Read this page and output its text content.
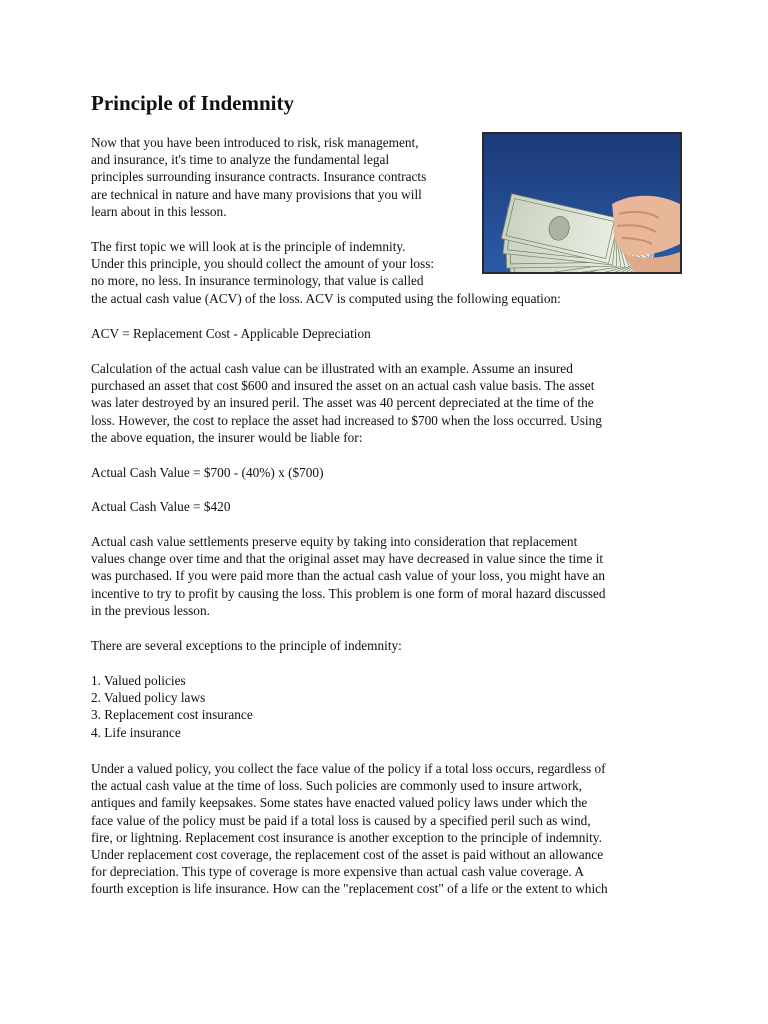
Principle of Indemnity
Now that you have been introduced to risk, risk management,
and insurance, it's time to analyze the fundamental legal
principles surrounding insurance contracts. Insurance contracts
are technical in nature and have many provisions that you will
learn about in this lesson.
The first topic we will look at is the principle of indemnity.
Under this principle, you should collect the amount of your loss:
no more, no less. In insurance terminology, that value is called
the actual cash value (ACV) of the loss. ACV is computed using the following equation:
ACV = Replacement Cost - Applicable Depreciation
Calculation of the actual cash value can be illustrated with an example. Assume an insured
purchased an asset that cost $600 and insured the asset on an actual cash value basis. The asset
was later destroyed by an insured peril. The asset was 40 percent depreciated at the time of the
loss. However, the cost to replace the asset had increased to $700 when the loss occurred. Using
the above equation, the insurer would be liable for:
Actual Cash Value = $700 - (40%) x ($700)
Actual Cash Value = $420
Actual cash value settlements preserve equity by taking into consideration that replacement
values change over time and that the original asset may have decreased in value since the time it
was purchased. If you were paid more than the actual cash value of your loss, you might have an
incentive to try to profit by causing the loss. This problem is one form of moral hazard discussed
in the previous lesson.
There are several exceptions to the principle of indemnity:
1. Valued policies
2. Valued policy laws
3. Replacement cost insurance
4. Life insurance
Under a valued policy, you collect the face value of the policy if a total loss occurs, regardless of
the actual cash value at the time of loss. Such policies are commonly used to insure artwork,
antiques and family keepsakes. Some states have enacted valued policy laws under which the
face value of the policy must be paid if a total loss is caused by a specified peril such as wind,
fire, or lightning. Replacement cost insurance is another exception to the principle of indemnity.
Under replacement cost coverage, the replacement cost of the asset is paid without an allowance
for depreciation. This type of coverage is more expensive than actual cash value coverage. A
fourth exception is life insurance. How can the "replacement cost" of a life or the extent to which
